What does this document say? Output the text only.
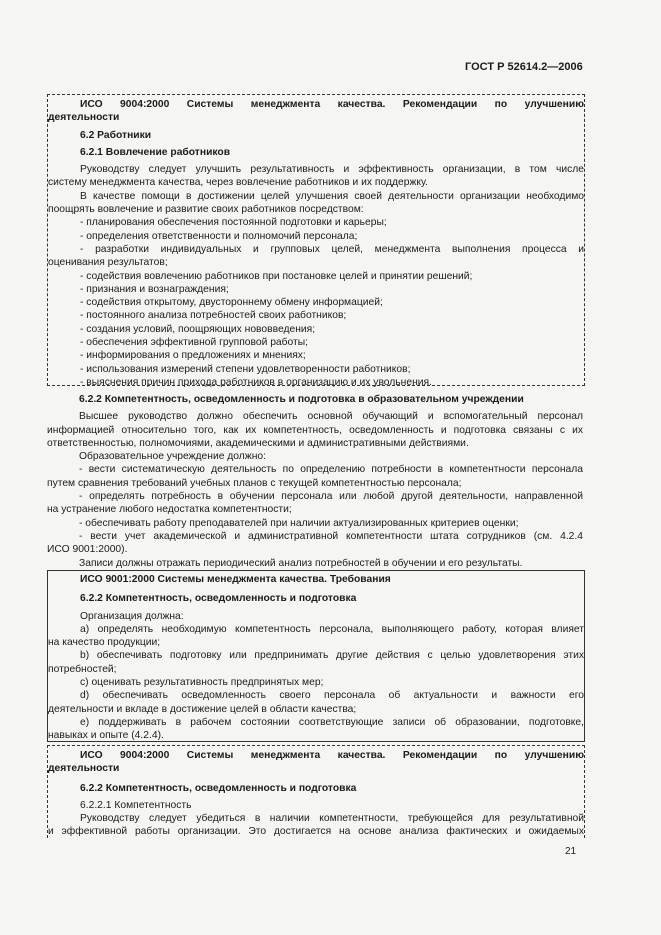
ГОСТ Р 52614.2—2006
ИСО 9004:2000 Системы менеджмента качества. Рекомендации по улучшению
деятельности
6.2 Работники
6.2.1 Вовлечение работников
Руководству следует улучшить результативность и эффективность организации, в том числе
систему менеджмента качества, через вовлечение работников и их поддержку.
В качестве помощи в достижении целей улучшения своей деятельности организации необходимо
поощрять вовлечение и развитие своих работников посредством:
- планирования обеспечения постоянной подготовки и карьеры;
- определения ответственности и полномочий персонала;
- разработки индивидуальных и групповых целей, менеджмента выполнения процесса и
оценивания результатов;
- содействия вовлечению работников при постановке целей и принятии решений;
- признания и вознаграждения;
- содействия открытому, двустороннему обмену информацией;
- постоянного анализа потребностей своих работников;
- создания условий, поощряющих нововведения;
- обеспечения эффективной групповой работы;
- информирования о предложениях и мнениях;
- использования измерений степени удовлетворенности работников;
- выяснения причин прихода работников в организацию и их увольнения.
6.2.2 Компетентность, осведомленность и подготовка в образовательном учреждении
Высшее руководство должно обеспечить основной обучающий и вспомогательный персонал
информацией относительно того, как их компетентность, осведомленность и подготовка связаны с их
ответственностью, полномочиями, академическими и административными действиями.
Образовательное учреждение должно:
- вести систематическую деятельность по определению потребности в компетентности персонала
путем сравнения требований учебных планов с текущей компетентностью персонала;
- определять потребность в обучении персонала или любой другой деятельности, направленной
на устранение любого недостатка компетентности;
- обеспечивать работу преподавателей при наличии актуализированных критериев оценки;
- вести учет академической и административной компетентности штата сотрудников (см. 4.2.4
ИСО 9001:2000).
Записи должны отражать периодический анализ потребностей в обучении и его результаты.
ИСО 9001:2000 Системы менеджмента качества. Требования
6.2.2 Компетентность, осведомленность и подготовка
Организация должна:
a) определять необходимую компетентность персонала, выполняющего работу, которая влияет
на качество продукции;
b) обеспечивать подготовку или предпринимать другие действия с целью удовлетворения этих
потребностей;
c) оценивать результативность предпринятых мер;
d) обеспечивать осведомленность своего персонала об актуальности и важности его
деятельности и вкладе в достижение целей в области качества;
e) поддерживать в рабочем состоянии соответствующие записи об образовании, подготовке,
навыках и опыте (4.2.4).
ИСО 9004:2000 Системы менеджмента качества. Рекомендации по улучшению
деятельности
6.2.2 Компетентность, осведомленность и подготовка
6.2.2.1 Компетентность
Руководству следует убедиться в наличии компетентности, требующейся для результативной
и эффективной работы организации. Это достигается на основе анализа фактических и ожидаемых
21
